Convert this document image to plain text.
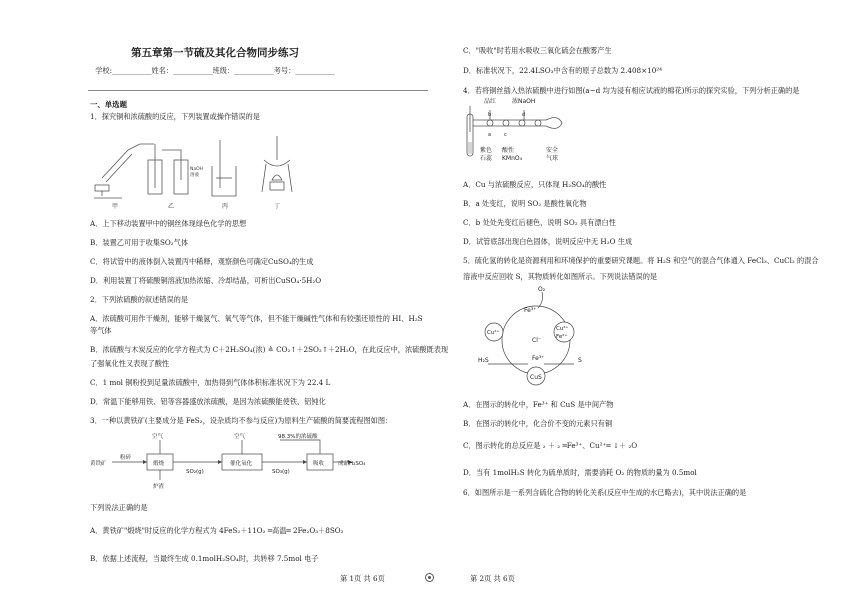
第五章第一节硫及其化合物同步练习
学校:___________姓名：___________班级：___________考号：___________
一、单选题
1．探究铜和浓硫酸的反应，下列装置或操作错误的是
甲	乙	丙	丁
NaOH
溶液
A．上下移动装置甲中的铜丝体现绿色化学的思想
B．装置乙可用于收集SO₂气体
C．将试管中的液体倒入装置丙中稀释，观察颜色可确定CuSO₄的生成
D．利用装置丁将硫酸铜溶液加热浓缩、冷却结晶，可析出CuSO₄·5H₂O
2．下列浓硫酸的叙述错误的是
A．浓硫酸可用作干燥剂，能够干燥氢气、氧气等气体，但不能干燥碱性气体和有较强还原性的 HI、H₂S
等气体
B．浓硫酸与木炭反应的化学方程式为 C＋2H₂SO₄(浓) ≜ CO₂↑＋2SO₂↑＋2H₂O，在此反应中，浓硫酸既表现
了强氧化性又表现了酸性
C．1 mol 铜粉投到足量浓硫酸中，加热得到气体体积标准状况下为 22.4 L
D．常温下能够用铁、铝等容器盛放浓硫酸，是因为浓硫酸能使铁、铝钝化
3．一种以黄铁矿(主要成分是 FeS₂，设杂质均不参与反应)为原料生产硫酸的简要流程图如图：
粉碎
黄铁矿
空气	空气	98.3%的浓硫酸
煅烧	催化氧化	吸收
SO₂(g)	SO₃(g)
炉渣
成品H₂SO₄
下列说法正确的是
A．黄铁矿"煅烧"时反应的化学方程式为 4FeS₂＋11O₂ ═高温═ 2Fe₂O₃＋8SO₂
B．依据上述流程，当最终生成 0.1molH₂SO₄时，共转移 7.5mol 电子
第 1页 共 6页	第 2页 共 6页
C．"吸收"时若用水吸收三氧化硫会在酸雾产生
D．标准状况下，22.4LSO₃中含有的原子总数为 2.408×10²⁴
4．若将铜丝插入热浓硫酸中进行如图(a~d 均为浸有相应试液的棉花)所示的探究实验，下列分析正确的是
品红	浓NaOH
b	d
a	c
紫色
石蕊
酸性
KMnO₄
安全
气球
A．Cu 与浓硫酸反应，只体现 H₂SO₄的酸性
B．a 处变红，说明 SO₂ 是酸性氧化物
C．b 处处先变红后褪色，说明 SO₂ 具有漂白性
D．试管底部出现白色固体，说明反应中无 H₂O 生成
5．硫化氢的转化是资源利用和环境保护的重要研究课题。将 H₂S 和空气的混合气体通入 FeCl₃、CuCl₂ 的混合
溶液中反应回收 S，其物质转化如图所示。下列说法错误的是
O₂
Fe³⁺
Cu²⁺
Cu²⁺
Fe²⁺
Cl⁻
Fe³⁺
H₂S	S
CuS
A．在图示的转化中，Fe³⁺ 和 CuS 是中间产物
B．在图示的转化中，化合价不变的元素只有铜
C．图示转化的总反应是 ₂ ＋ ₂ ═Fe³⁺、Cu²⁺═ ↓＋ ₂O
D．当有 1molH₂S 转化为硫单质时，需要消耗 O₂ 的物质的量为 0.5mol
6．如图所示是一系列含硫化合物的转化关系(反应中生成的水已略去)，其中说法正确的是
